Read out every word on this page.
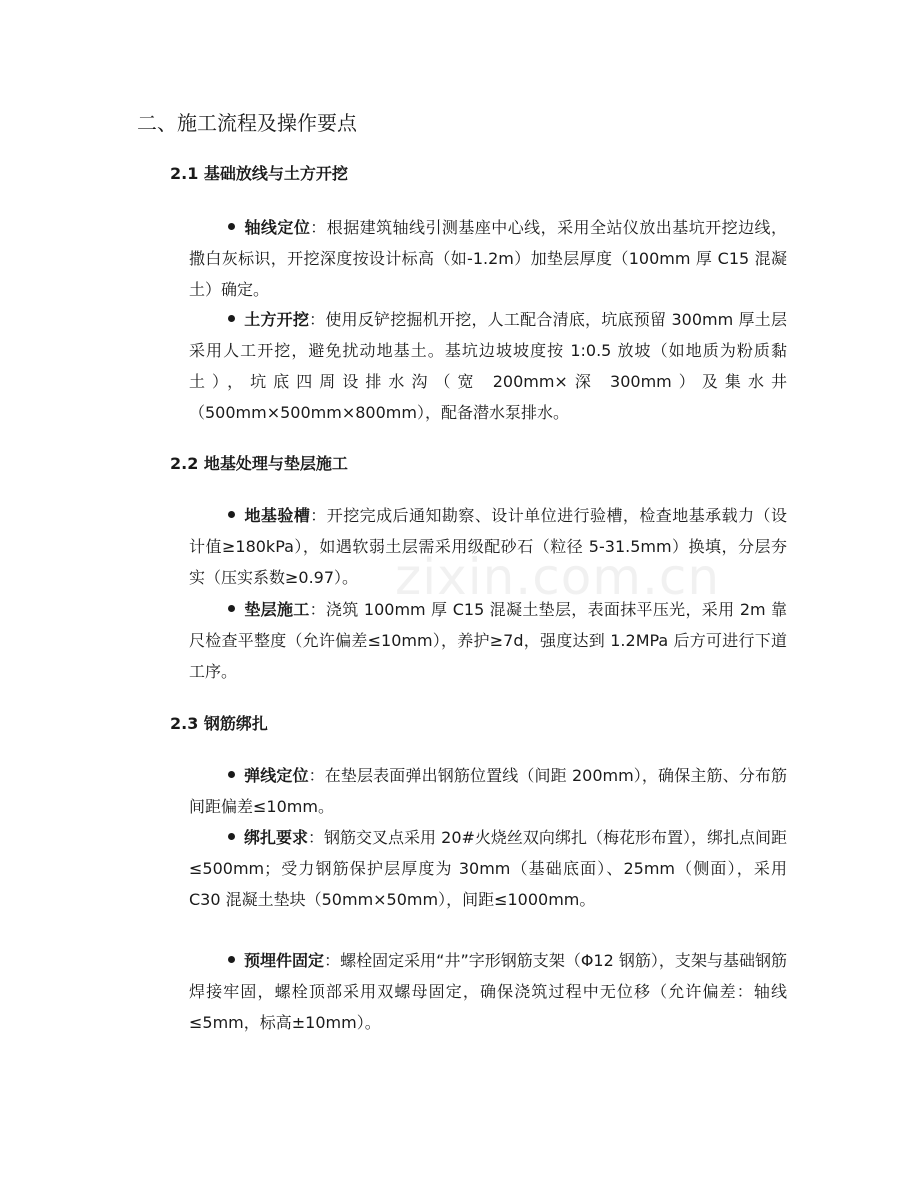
二、施工流程及操作要点
2.1 基础放线与土方开挖
轴线定位：根据建筑轴线引测基座中心线，采用全站仪放出基坑开挖边线，撒白灰标识，开挖深度按设计标高（如-1.2m）加垫层厚度（100mm 厚 C15 混凝土）确定。
土方开挖：使用反铲挖掘机开挖，人工配合清底，坑底预留 300mm 厚土层采用人工开挖，避免扰动地基土。基坑边坡坡度按 1:0.5 放坡（如地质为粉质黏土），坑底四周设排水沟（宽 200mm×深 300mm）及集水井（500mm×500mm×800mm），配备潜水泵排水。
2.2 地基处理与垫层施工
地基验槽：开挖完成后通知勘察、设计单位进行验槽，检查地基承载力（设计值≥180kPa），如遇软弱土层需采用级配砂石（粒径 5-31.5mm）换填，分层夯实（压实系数≥0.97）。
垫层施工：浇筑 100mm 厚 C15 混凝土垫层，表面抹平压光，采用 2m 靠尺检查平整度（允许偏差≤10mm），养护≥7d，强度达到 1.2MPa 后方可进行下道工序。
2.3 钢筋绑扎
弹线定位：在垫层表面弹出钢筋位置线（间距 200mm），确保主筋、分布筋间距偏差≤10mm。
绑扎要求：钢筋交叉点采用 20#火烧丝双向绑扎（梅花形布置），绑扎点间距≤500mm；受力钢筋保护层厚度为 30mm（基础底面）、25mm（侧面），采用 C30 混凝土垫块（50mm×50mm），间距≤1000mm。
预埋件固定：螺栓固定采用“井”字形钢筋支架（Φ12 钢筋），支架与基础钢筋焊接牢固，螺栓顶部采用双螺母固定，确保浇筑过程中无位移（允许偏差：轴线≤5mm，标高±10mm）。
zixin.com.cn
